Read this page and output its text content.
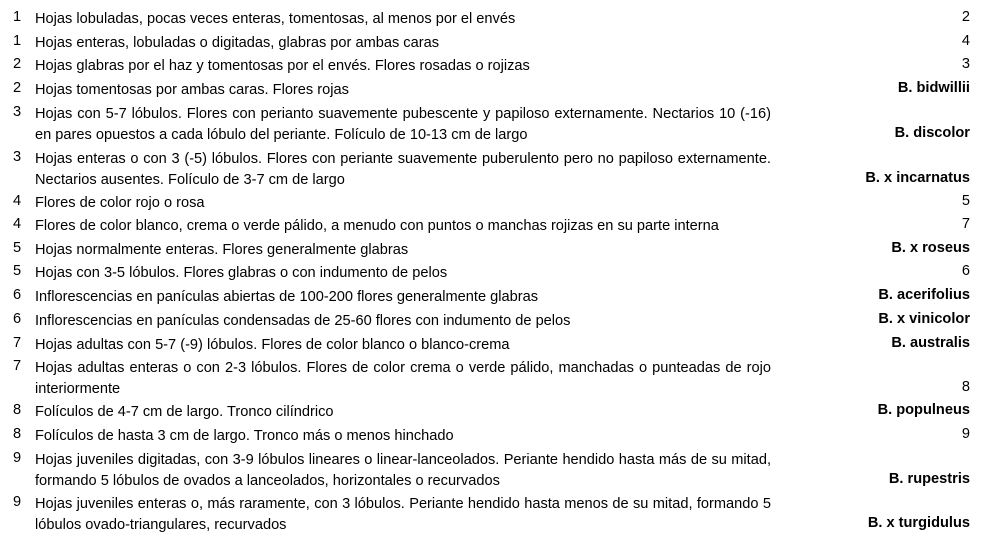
1 Hojas lobuladas, pocas veces enteras, tomentosas, al menos por el envés	2
1 Hojas enteras, lobuladas o digitadas, glabras por ambas caras	4
2 Hojas glabras por el haz y tomentosas por el envés. Flores rosadas o rojizas	3
2 Hojas tomentosas por ambas caras. Flores rojas	B. bidwillii
3 Hojas con 5-7 lóbulos. Flores con perianto suavemente pubescente y papiloso externamente. Nectarios 10 (-16) en pares opuestos a cada lóbulo del periante. Folículo de 10-13 cm de largo	B. discolor
3 Hojas enteras o con 3 (-5) lóbulos. Flores con periante suavemente puberulento pero no papiloso externamente. Nectarios ausentes. Folículo de 3-7 cm de largo	B. x incarnatus
4 Flores de color rojo o rosa	5
4 Flores de color blanco, crema o verde pálido, a menudo con puntos o manchas rojizas en su parte interna	7
5 Hojas normalmente enteras. Flores generalmente glabras	B. x roseus
5 Hojas con 3-5 lóbulos. Flores glabras o con indumento de pelos	6
6 Inflorescencias en panículas abiertas de 100-200 flores generalmente glabras	B. acerifolius
6 Inflorescencias en panículas condensadas de 25-60 flores con indumento de pelos	B. x vinicolor
7 Hojas adultas con 5-7 (-9) lóbulos. Flores de color blanco o blanco-crema	B. australis
7 Hojas adultas enteras o con 2-3 lóbulos. Flores de color crema o verde pálido, manchadas o punteadas de rojo interiormente	8
8 Folículos de 4-7 cm de largo. Tronco cilíndrico	B. populneus
8 Folículos de hasta 3 cm de largo. Tronco más o menos hinchado	9
9 Hojas juveniles digitadas, con 3-9 lóbulos lineares o linear-lanceolados. Periante hendido hasta más de su mitad, formando 5 lóbulos de ovados a lanceolados, horizontales o recurvados	B. rupestris
9 Hojas juveniles enteras o, más raramente, con 3 lóbulos. Periante hendido hasta menos de su mitad, formando 5 lóbulos ovado-triangulares, recurvados	B. x turgidulus
